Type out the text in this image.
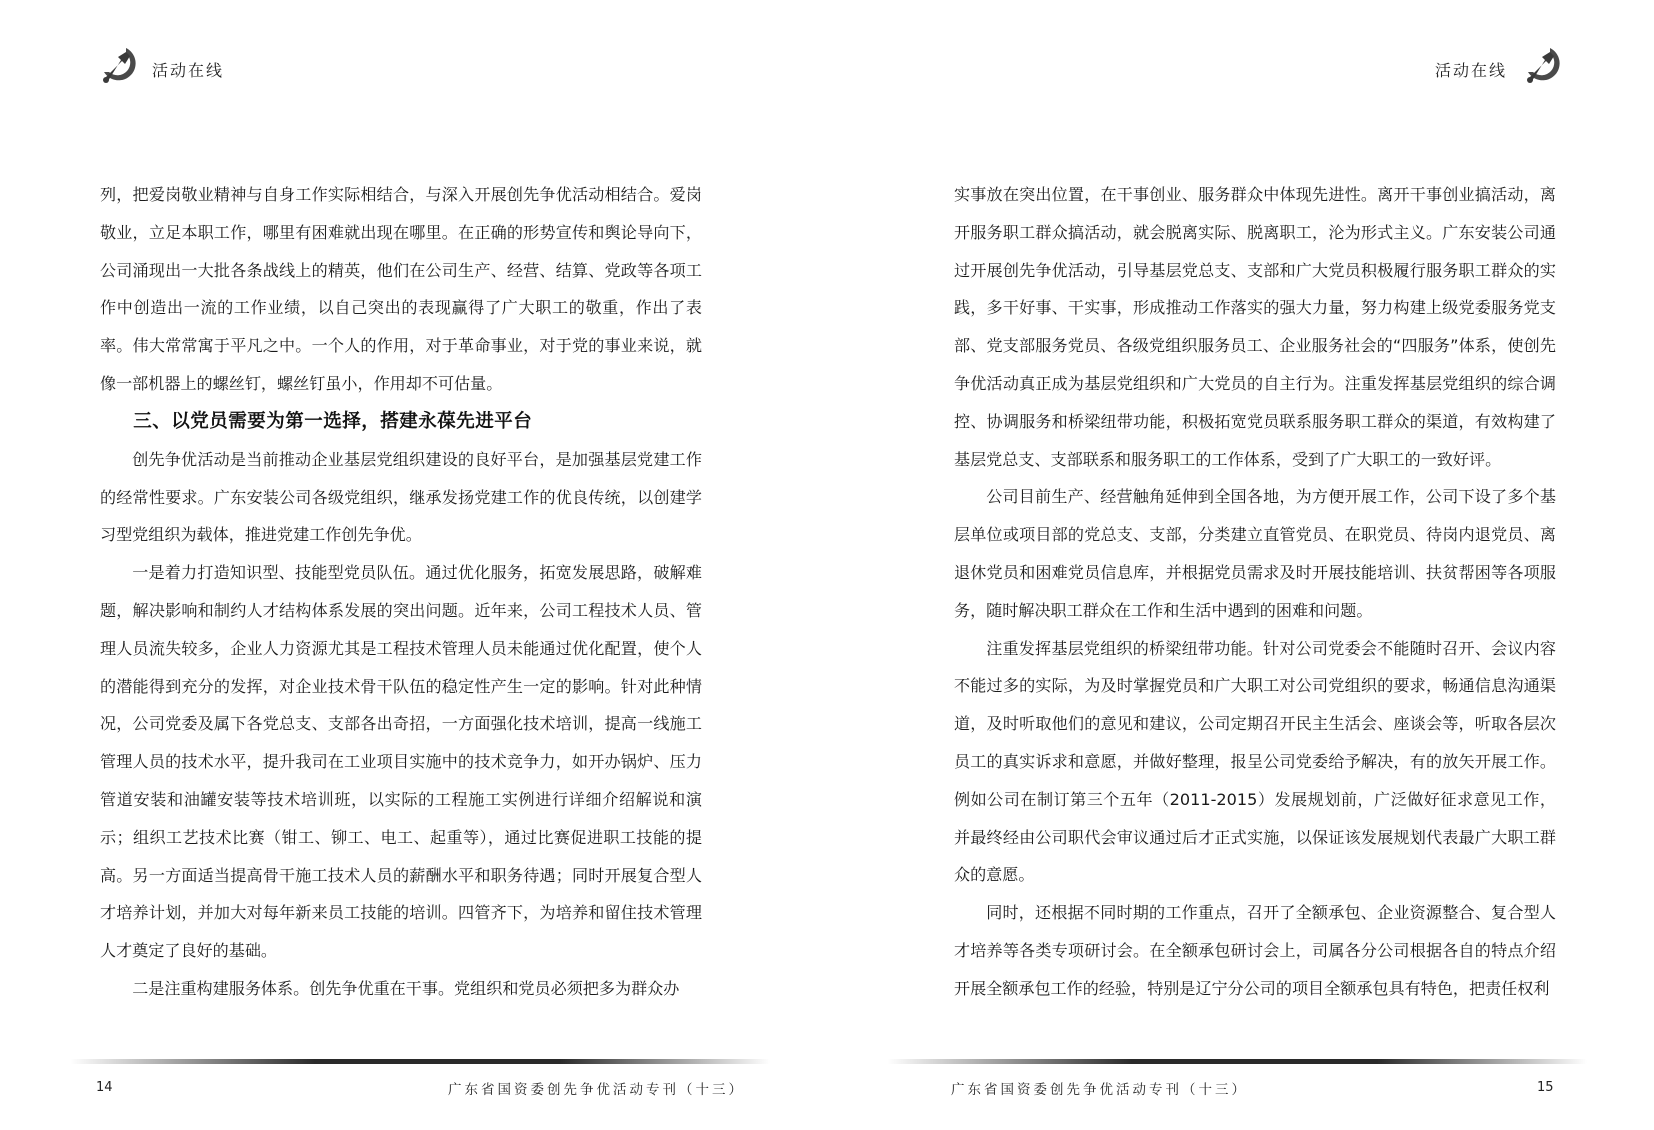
活动在线

列，把爱岗敬业精神与自身工作实际相结合，与深入开展创先争优活动相结合。爱岗敬业，立足本职工作，哪里有困难就出现在哪里。在正确的形势宣传和舆论导向下，公司涌现出一大批各条战线上的精英，他们在公司生产、经营、结算、党政等各项工作中创造出一流的工作业绩，以自己突出的表现赢得了广大职工的敬重，作出了表率。伟大常常寓于平凡之中。一个人的作用，对于革命事业，对于党的事业来说，就像一部机器上的螺丝钉，螺丝钉虽小，作用却不可估量。

三、以党员需要为第一选择，搭建永葆先进平台

创先争优活动是当前推动企业基层党组织建设的良好平台，是加强基层党建工作的经常性要求。广东安装公司各级党组织，继承发扬党建工作的优良传统，以创建学习型党组织为载体，推进党建工作创先争优。

一是着力打造知识型、技能型党员队伍。通过优化服务，拓宽发展思路，破解难题，解决影响和制约人才结构体系发展的突出问题。近年来，公司工程技术人员、管理人员流失较多，企业人力资源尤其是工程技术管理人员未能通过优化配置，使个人的潜能得到充分的发挥，对企业技术骨干队伍的稳定性产生一定的影响。针对此种情况，公司党委及属下各党总支、支部各出奇招，一方面强化技术培训，提高一线施工管理人员的技术水平，提升我司在工业项目实施中的技术竞争力，如开办锅炉、压力管道安装和油罐安装等技术培训班，以实际的工程施工实例进行详细介绍解说和演示；组织工艺技术比赛（钳工、铆工、电工、起重等），通过比赛促进职工技能的提高。另一方面适当提高骨干施工技术人员的薪酬水平和职务待遇；同时开展复合型人才培养计划，并加大对每年新来员工技能的培训。四管齐下，为培养和留住技术管理人才奠定了良好的基础。

二是注重构建服务体系。创先争优重在干事。党组织和党员必须把多为群众办

14	广东省国资委创先争优活动专刊（十三）
活动在线

实事放在突出位置，在干事创业、服务群众中体现先进性。离开干事创业搞活动，离开服务职工群众搞活动，就会脱离实际、脱离职工，沦为形式主义。广东安装公司通过开展创先争优活动，引导基层党总支、支部和广大党员积极履行服务职工群众的实践，多干好事、干实事，形成推动工作落实的强大力量，努力构建上级党委服务党支部、党支部服务党员、各级党组织服务员工、企业服务社会的“四服务”体系，使创先争优活动真正成为基层党组织和广大党员的自主行为。注重发挥基层党组织的综合调控、协调服务和桥梁纽带功能，积极拓宽党员联系服务职工群众的渠道，有效构建了基层党总支、支部联系和服务职工的工作体系，受到了广大职工的一致好评。

公司目前生产、经营触角延伸到全国各地，为方便开展工作，公司下设了多个基层单位或项目部的党总支、支部，分类建立直管党员、在职党员、待岗内退党员、离退休党员和困难党员信息库，并根据党员需求及时开展技能培训、扶贫帮困等各项服务，随时解决职工群众在工作和生活中遇到的困难和问题。

注重发挥基层党组织的桥梁纽带功能。针对公司党委会不能随时召开、会议内容不能过多的实际，为及时掌握党员和广大职工对公司党组织的要求，畅通信息沟通渠道，及时听取他们的意见和建议，公司定期召开民主生活会、座谈会等，听取各层次员工的真实诉求和意愿，并做好整理，报呈公司党委给予解决，有的放矢开展工作。例如公司在制订第三个五年（2011-2015）发展规划前，广泛做好征求意见工作，并最终经由公司职代会审议通过后才正式实施，以保证该发展规划代表最广大职工群众的意愿。

同时，还根据不同时期的工作重点，召开了全额承包、企业资源整合、复合型人才培养等各类专项研讨会。在全额承包研讨会上，司属各分公司根据各自的特点介绍开展全额承包工作的经验，特别是辽宁分公司的项目全额承包具有特色，把责任权利

广东省国资委创先争优活动专刊（十三）	15
